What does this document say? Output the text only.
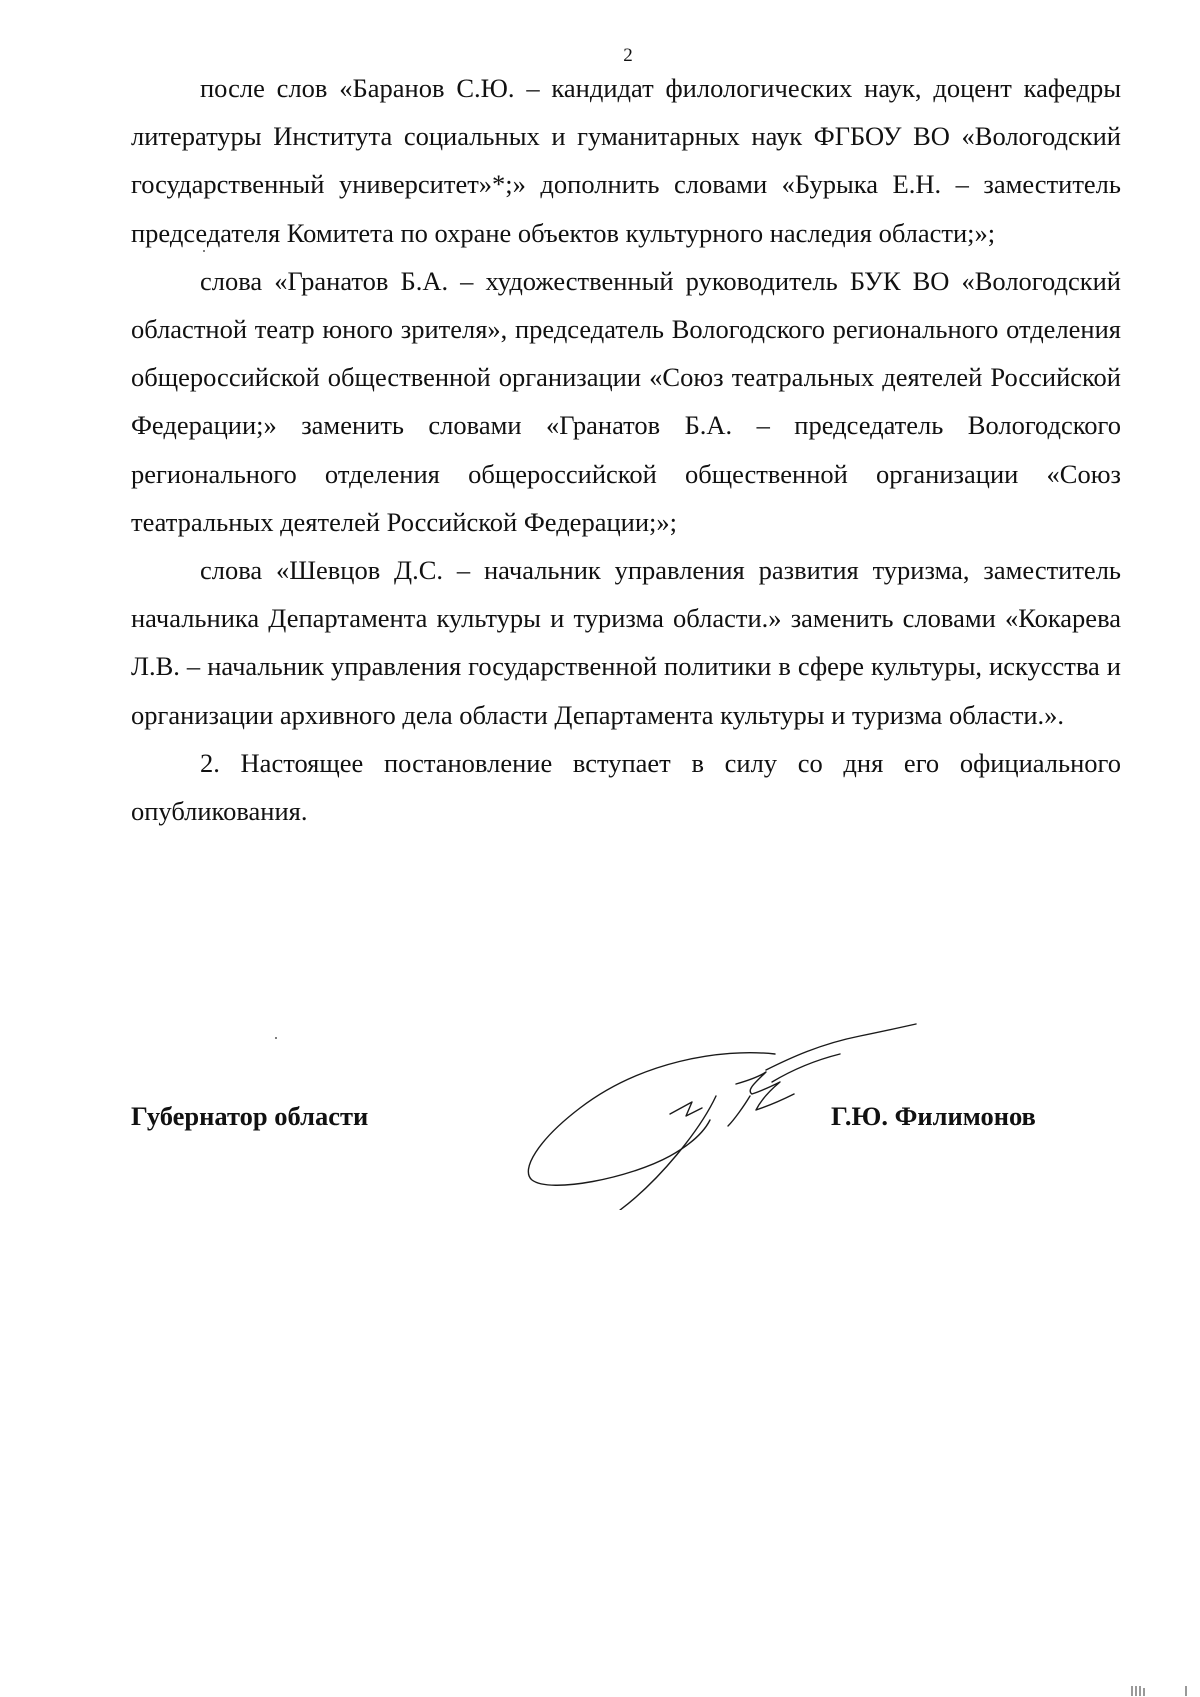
2

после слов «Баранов С.Ю. – кандидат филологических наук, доцент кафедры литературы Института социальных и гуманитарных наук ФГБОУ ВО «Вологодский государственный университет»*;» дополнить словами «Бурыка Е.Н. – заместитель председателя Комитета по охране объектов культурного наследия области;»;

слова «Гранатов Б.А. – художественный руководитель БУК ВО «Вологодский областной театр юного зрителя», председатель Вологодского регионального отделения общероссийской общественной организации «Союз театральных деятелей Российской Федерации;» заменить словами «Гранатов Б.А. – председатель Вологодского регионального отделения общероссийской общественной организации «Союз театральных деятелей Российской Федерации;»;

слова «Шевцов Д.С. – начальник управления развития туризма, заместитель начальника Департамента культуры и туризма области.» заменить словами «Кокарева Л.В. – начальник управления государственной политики в сфере культуры, искусства и организации архивного дела области Департамента культуры и туризма области.».

2. Настоящее постановление вступает в силу со дня его официального опубликования.

Губернатор области	Г.Ю. Филимонов
